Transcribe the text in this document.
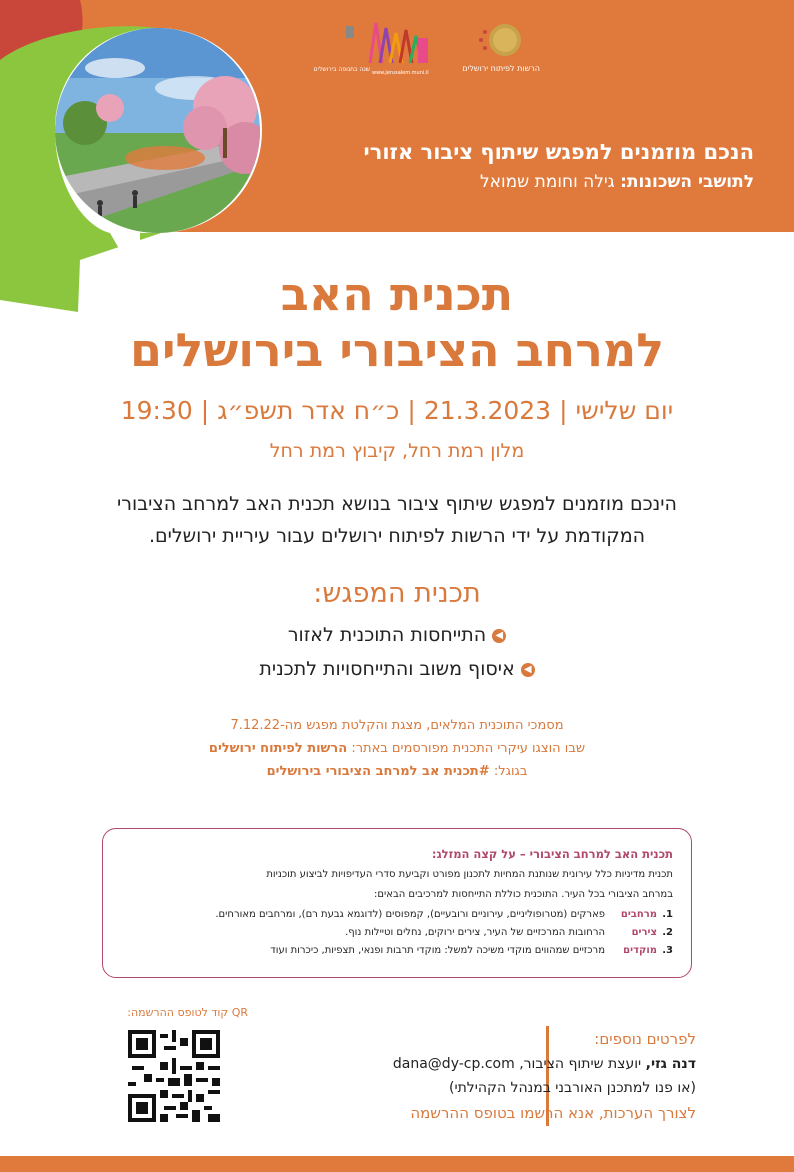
שנה בתנופה בירושלים www.jerusalem.muni.il	הרשות לפיתוח ירושלים
הנכם מוזמנים למפגש שיתוף ציבור אזורי
לתושבי השכונות: גילה וחומת שמואל
תכנית האב
למרחב הציבורי בירושלים
יום שלישי|21.3.2023|כ״ח אדר תשפ״ג|19:30
מלון רמת רחל, קיבוץ רמת רחל
הינכם מוזמנים למפגש שיתוף ציבור בנושא תכנית האב למרחב הציבורי
המקודמת על ידי הרשות לפיתוח ירושלים עבור עיריית ירושלים.
תכנית המפגש:
◀התייחסות התוכנית לאזור
◀איסוף משוב והתייחסויות לתכנית
מסמכי התוכנית המלאים, מצגת והקלטת מפגש מה-7.12.22
שבו הוצגו עיקרי התכנית מפורסמים באתר: הרשות לפיתוח ירושלים
בגוגל: #תכנית אב למרחב הציבורי בירושלים
תכנית האב למרחב הציבורי – על קצה המזלג:
תכנית מדיניות כלל עירונית שנותנת המחיות לתכנון מפורט וקביעת סדרי העדיפויות לביצוע תוכניות
במרחב הציבורי בכל העיר. התוכנית כוללת התייחסות למרכיבים הבאים:
1.מרחביםפארקים (מטרופוליניים, עירוניים ורובעיים), קמפוסים (לדוגמא גבעת רם), ומרחבים מאורחים.
2.ציריםהרחובות המרכזיים של העיר, צירים ירוקים, נחלים וטיילות נוף.
3.מוקדיםמרכזיים שמהווים מוקדי משיכה למשל: מוקדי תרבות ופנאי, תצפיות, כיכרות ועוד
QR קוד לטופס ההרשמה:
לפרטים נוספים:
דנה גזי, יועצת שיתוף הציבור, dana@dy-cp.com
(או פנו למתכנן האורבני במנהל הקהילתי)
לצורך הערכות, אנא הרשמו בטופס ההרשמה
